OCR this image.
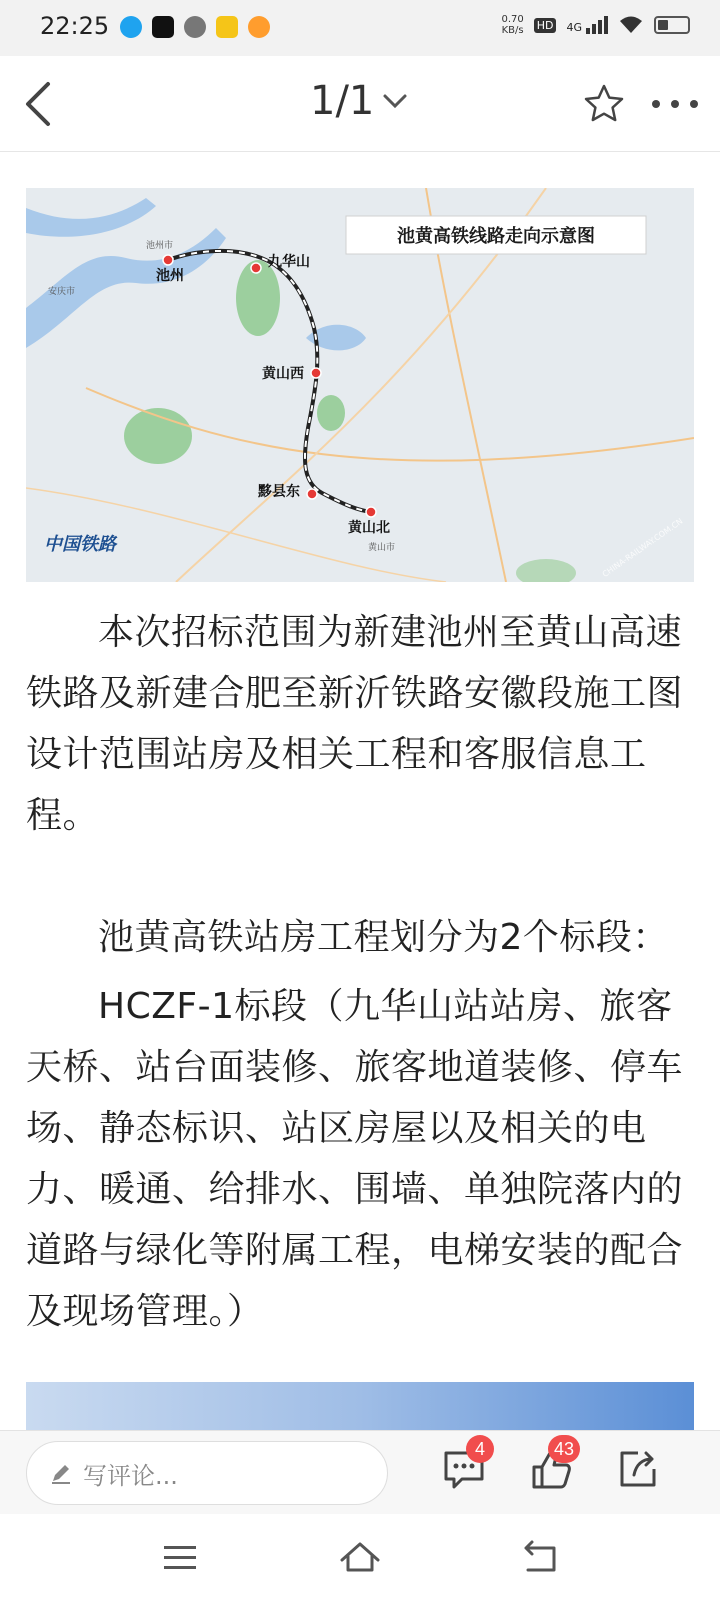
22:25	0.70
KB/s HD 4G
1/1
池黄高铁线路走向示意图
池州
九华山
黄山西
黟县东
黄山北
安庆市
池州市
黄山市
中国铁路	CHINA-RAILWAY.COM.CN

本次招标范围为新建池州至黄山高速铁路及新建合肥至新沂铁路安徽段施工图设计范围站房及相关工程和客服信息工程。

池黄高铁站房工程划分为2个标段：

HCZF-1标段（九华山站站房、旅客天桥、站台面装修、旅客地道装修、停车场、静态标识、站区房屋以及相关的电力、暖通、给排水、围墙、单独院落内的道路与绿化等附属工程，电梯安装的配合及现场管理。）

写评论...
4	43
